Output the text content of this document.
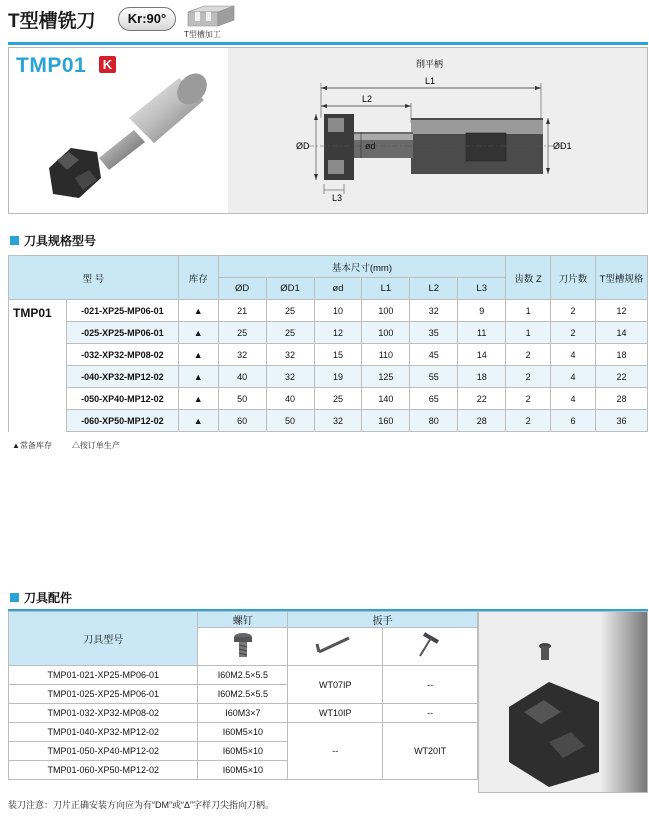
T型槽铣刀	Kr:90°
T型槽加工
TMP01 K	削平柄
L1
L2
ØD	ød	ØD1
L3
刀具规格型号
型 号		库存	基本尺寸(mm)						齿数 Z	刀片数	T型槽规格
			ØD	ØD1	ød	L1	L2	L3			
TMP01	-021-XP25-MP06-01	▲	21	25	10	100	32	9	1	2	12
	-025-XP25-MP06-01	▲	25	25	12	100	35	11	1	2	14
	-032-XP32-MP08-02	▲	32	32	15	110	45	14	2	4	18
	-040-XP32-MP12-02	▲	40	32	19	125	55	18	2	4	22
	-050-XP40-MP12-02	▲	50	40	25	140	65	22	2	4	28
	-060-XP50-MP12-02	▲	60	50	32	160	80	28	2	6	36
▲常备库存	△按订单生产
刀具配件
刀具型号	螺钉	扳手	

TMP01-021-XP25-MP06-01	I60M2.5×5.5	WT07IP	--
TMP01-025-XP25-MP06-01	I60M2.5×5.5		
TMP01-032-XP32-MP08-02	I60M3×7	WT10IP	--
TMP01-040-XP32-MP12-02	I60M5×10	--	WT20IT
TMP01-050-XP40-MP12-02	I60M5×10		
TMP01-060-XP50-MP12-02	I60M5×10		
装刀注意：刀片正确安装方向应为有“DM”或“Δ”字样刀尖指向刀柄。
